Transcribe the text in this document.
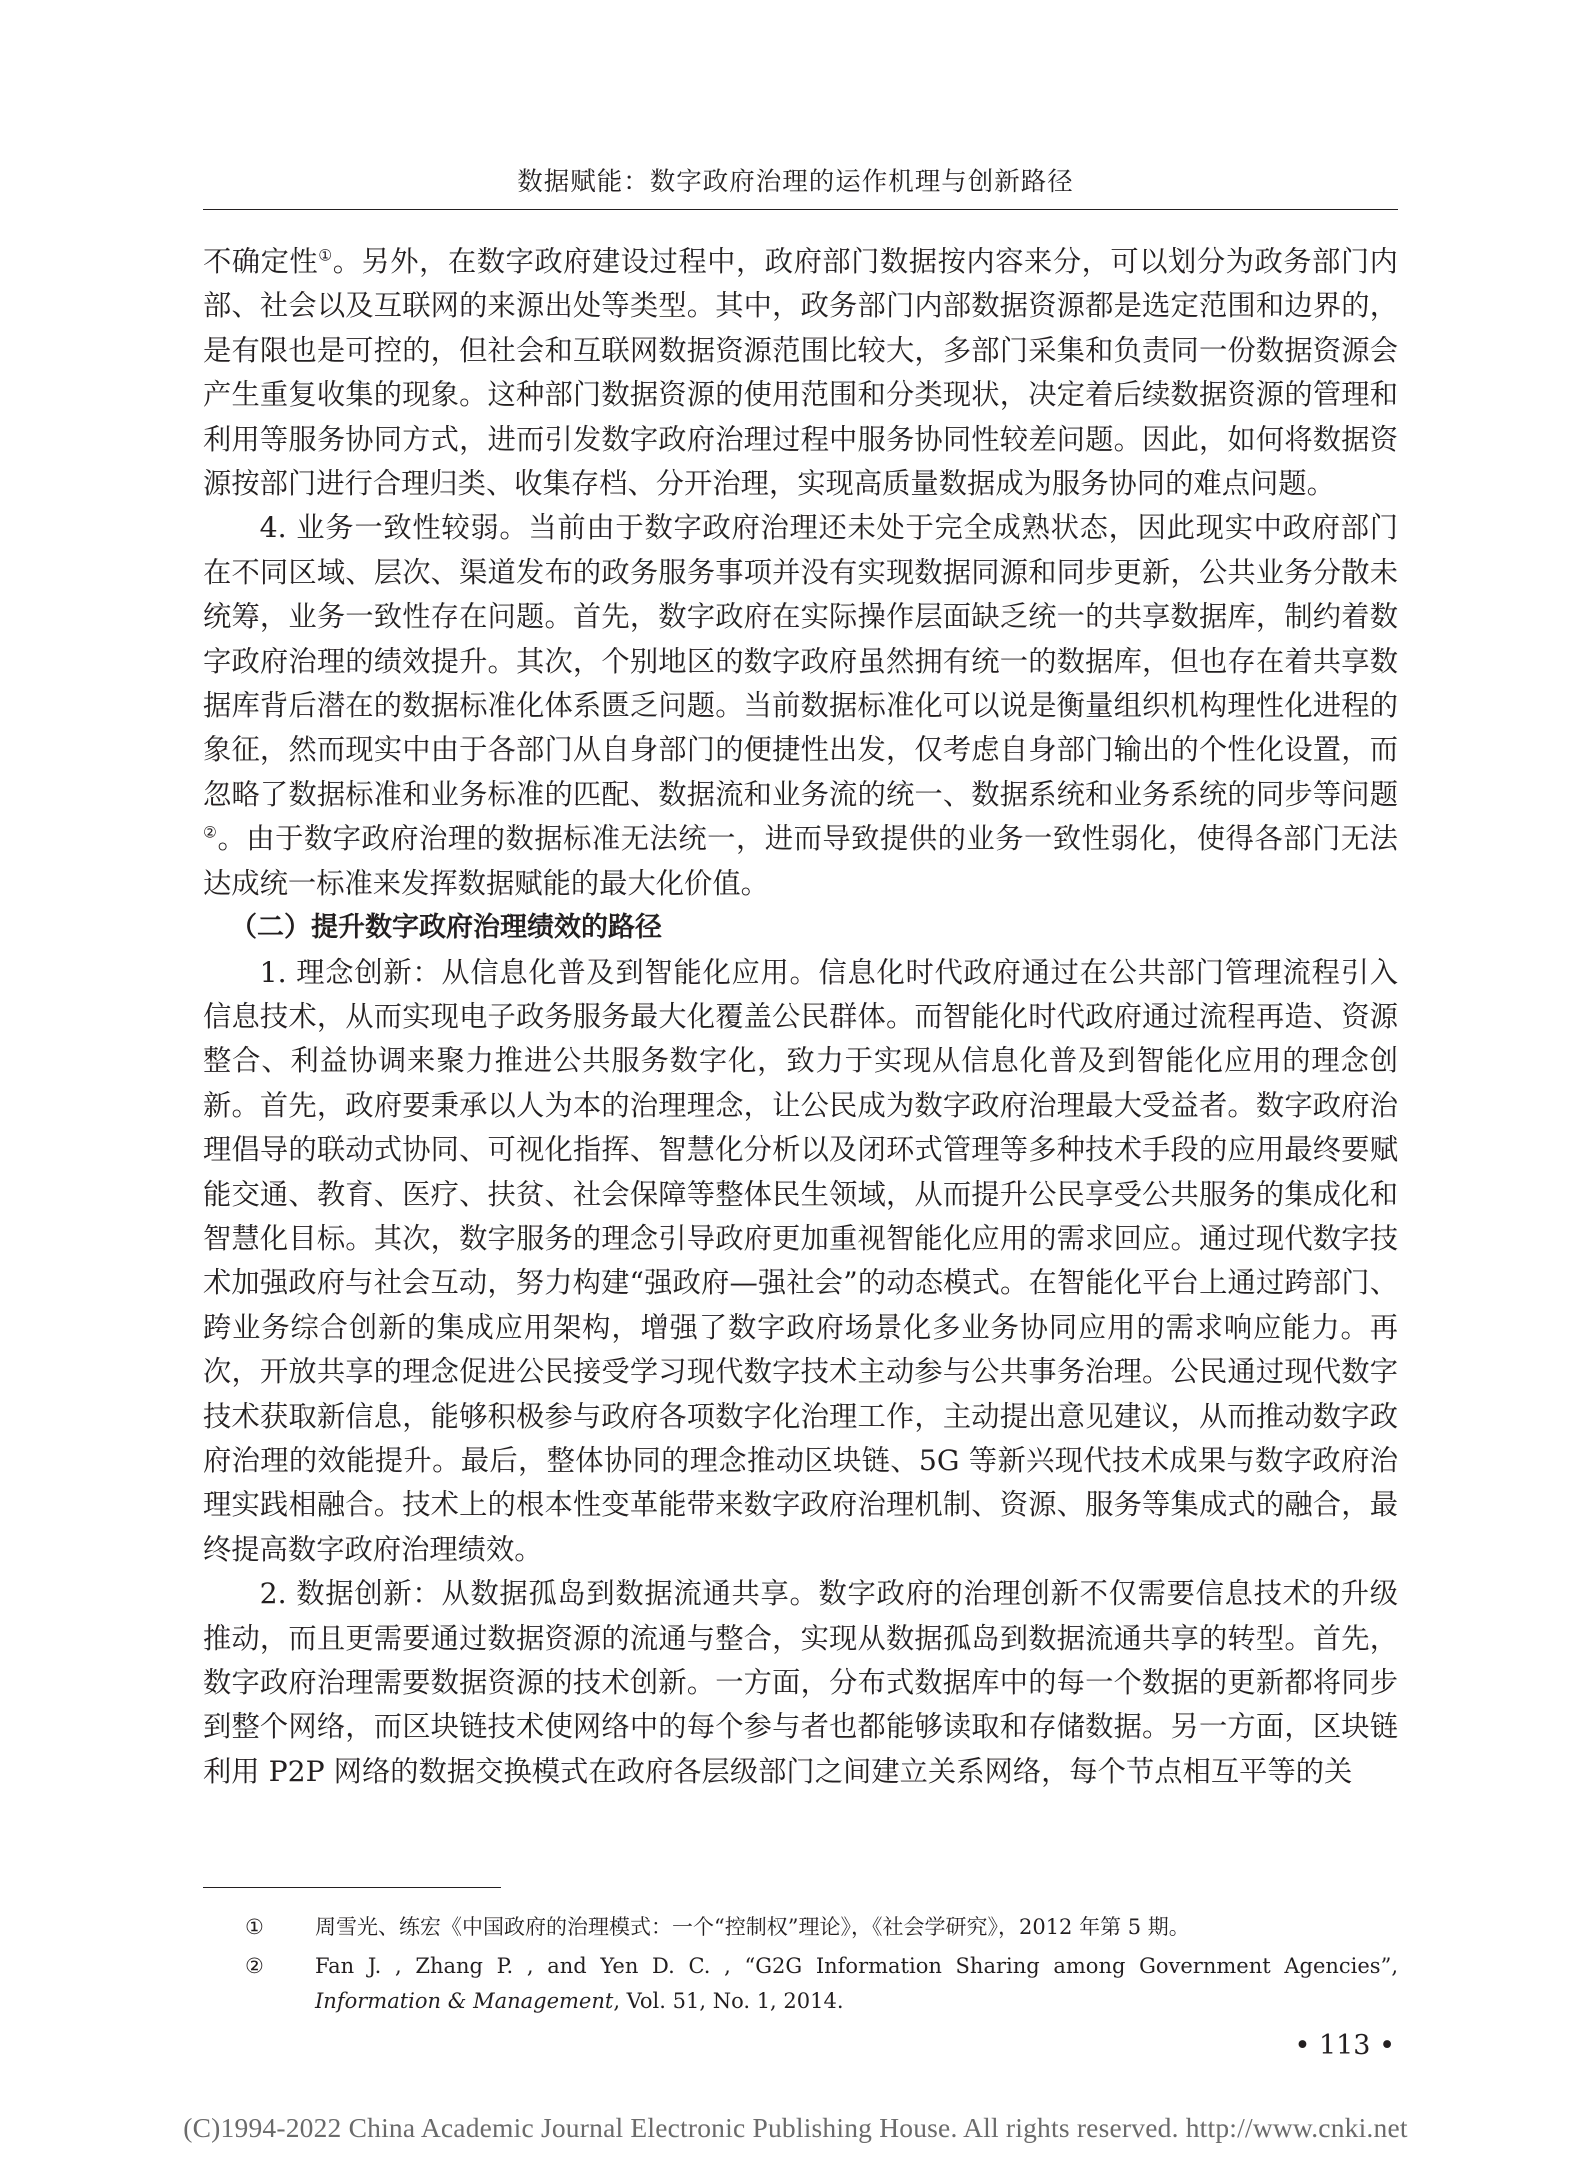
数据赋能：数字政府治理的运作机理与创新路径

不确定性①。另外，在数字政府建设过程中，政府部门数据按内容来分，可以划分为政务部门内部、社会以及互联网的来源出处等类型。其中，政务部门内部数据资源都是选定范围和边界的，是有限也是可控的，但社会和互联网数据资源范围比较大，多部门采集和负责同一份数据资源会产生重复收集的现象。这种部门数据资源的使用范围和分类现状，决定着后续数据资源的管理和利用等服务协同方式，进而引发数字政府治理过程中服务协同性较差问题。因此，如何将数据资源按部门进行合理归类、收集存档、分开治理，实现高质量数据成为服务协同的难点问题。

4. 业务一致性较弱。当前由于数字政府治理还未处于完全成熟状态，因此现实中政府部门在不同区域、层次、渠道发布的政务服务事项并没有实现数据同源和同步更新，公共业务分散未统筹，业务一致性存在问题。首先，数字政府在实际操作层面缺乏统一的共享数据库，制约着数字政府治理的绩效提升。其次，个别地区的数字政府虽然拥有统一的数据库，但也存在着共享数据库背后潜在的数据标准化体系匮乏问题。当前数据标准化可以说是衡量组织机构理性化进程的象征，然而现实中由于各部门从自身部门的便捷性出发，仅考虑自身部门输出的个性化设置，而忽略了数据标准和业务标准的匹配、数据流和业务流的统一、数据系统和业务系统的同步等问题②。由于数字政府治理的数据标准无法统一，进而导致提供的业务一致性弱化，使得各部门无法达成统一标准来发挥数据赋能的最大化价值。

（二）提升数字政府治理绩效的路径

1. 理念创新：从信息化普及到智能化应用。信息化时代政府通过在公共部门管理流程引入信息技术，从而实现电子政务服务最大化覆盖公民群体。而智能化时代政府通过流程再造、资源整合、利益协调来聚力推进公共服务数字化，致力于实现从信息化普及到智能化应用的理念创新。首先，政府要秉承以人为本的治理理念，让公民成为数字政府治理最大受益者。数字政府治理倡导的联动式协同、可视化指挥、智慧化分析以及闭环式管理等多种技术手段的应用最终要赋能交通、教育、医疗、扶贫、社会保障等整体民生领域，从而提升公民享受公共服务的集成化和智慧化目标。其次，数字服务的理念引导政府更加重视智能化应用的需求回应。通过现代数字技术加强政府与社会互动，努力构建“强政府—强社会”的动态模式。在智能化平台上通过跨部门、跨业务综合创新的集成应用架构，增强了数字政府场景化多业务协同应用的需求响应能力。再次，开放共享的理念促进公民接受学习现代数字技术主动参与公共事务治理。公民通过现代数字技术获取新信息，能够积极参与政府各项数字化治理工作，主动提出意见建议，从而推动数字政府治理的效能提升。最后，整体协同的理念推动区块链、5G 等新兴现代技术成果与数字政府治理实践相融合。技术上的根本性变革能带来数字政府治理机制、资源、服务等集成式的融合，最终提高数字政府治理绩效。

2. 数据创新：从数据孤岛到数据流通共享。数字政府的治理创新不仅需要信息技术的升级推动，而且更需要通过数据资源的流通与整合，实现从数据孤岛到数据流通共享的转型。首先，数字政府治理需要数据资源的技术创新。一方面，分布式数据库中的每一个数据的更新都将同步到整个网络，而区块链技术使网络中的每个参与者也都能够读取和存储数据。另一方面，区块链利用 P2P 网络的数据交换模式在政府各层级部门之间建立关系网络，每个节点相互平等的关

①	周雪光、练宏《中国政府的治理模式：一个“控制权”理论》，《社会学研究》，2012 年第 5 期。
②	Fan J. , Zhang P. , and Yen D. C. , “G2G Information Sharing among Government Agencies”, Information & Management, Vol. 51, No. 1, 2014.
• 113 •
(C)1994-2022 China Academic Journal Electronic Publishing House. All rights reserved. http://www.cnki.net
